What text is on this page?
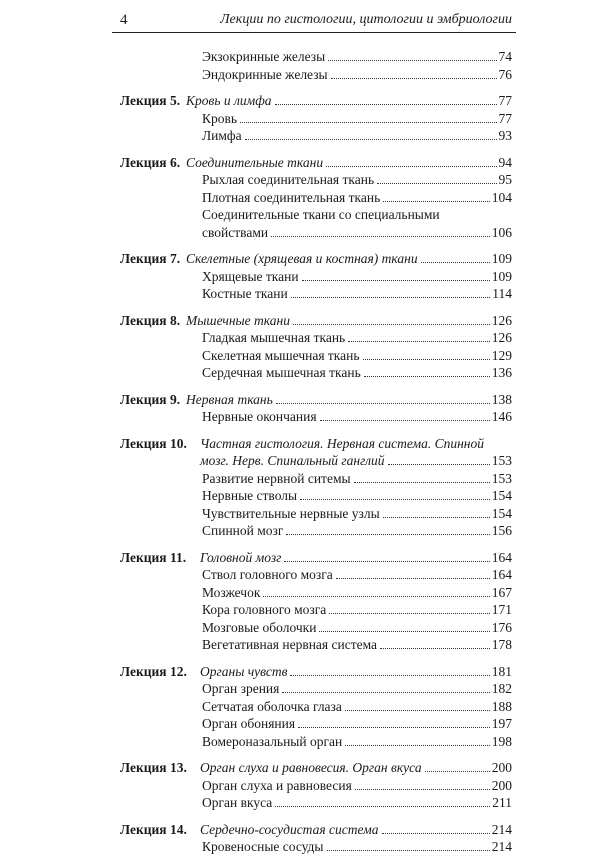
4	Лекции по гистологии, цитологии и эмбриологии
Экзокринные железы	74
Эндокринные железы	76
Лекция 5. Кровь и лимфа	77
Кровь	77
Лимфа	93
Лекция 6. Соединительные ткани	94
Рыхлая соединительная ткань	95
Плотная соединительная ткань	104
Соединительные ткани со специальными
свойствами	106
Лекция 7. Скелетные (хрящевая и костная) ткани	109
Хрящевые ткани	109
Костные ткани	114
Лекция 8. Мышечные ткани	126
Гладкая мышечная ткань	126
Скелетная мышечная ткань	129
Сердечная мышечная ткань	136
Лекция 9. Нервная ткань	138
Нервные окончания	146
Лекция 10. Частная гистология. Нервная система. Спинной
мозг. Нерв. Спинальный ганглий	153
Развитие нервной ситемы	153
Нервные стволы	154
Чувствительные нервные узлы	154
Спинной мозг	156
Лекция 11. Головной мозг	164
Ствол головного мозга	164
Мозжечок	167
Кора головного мозга	171
Мозговые оболочки	176
Вегетативная нервная система	178
Лекция 12. Органы чувств	181
Орган зрения	182
Сетчатая оболочка глаза	188
Орган обоняния	197
Вомероназальный орган	198
Лекция 13. Орган слуха и равновесия. Орган вкуса	200
Орган слуха и равновесия	200
Орган вкуса	211
Лекция 14. Сердечно-сосудистая система	214
Кровеносные сосуды	214
